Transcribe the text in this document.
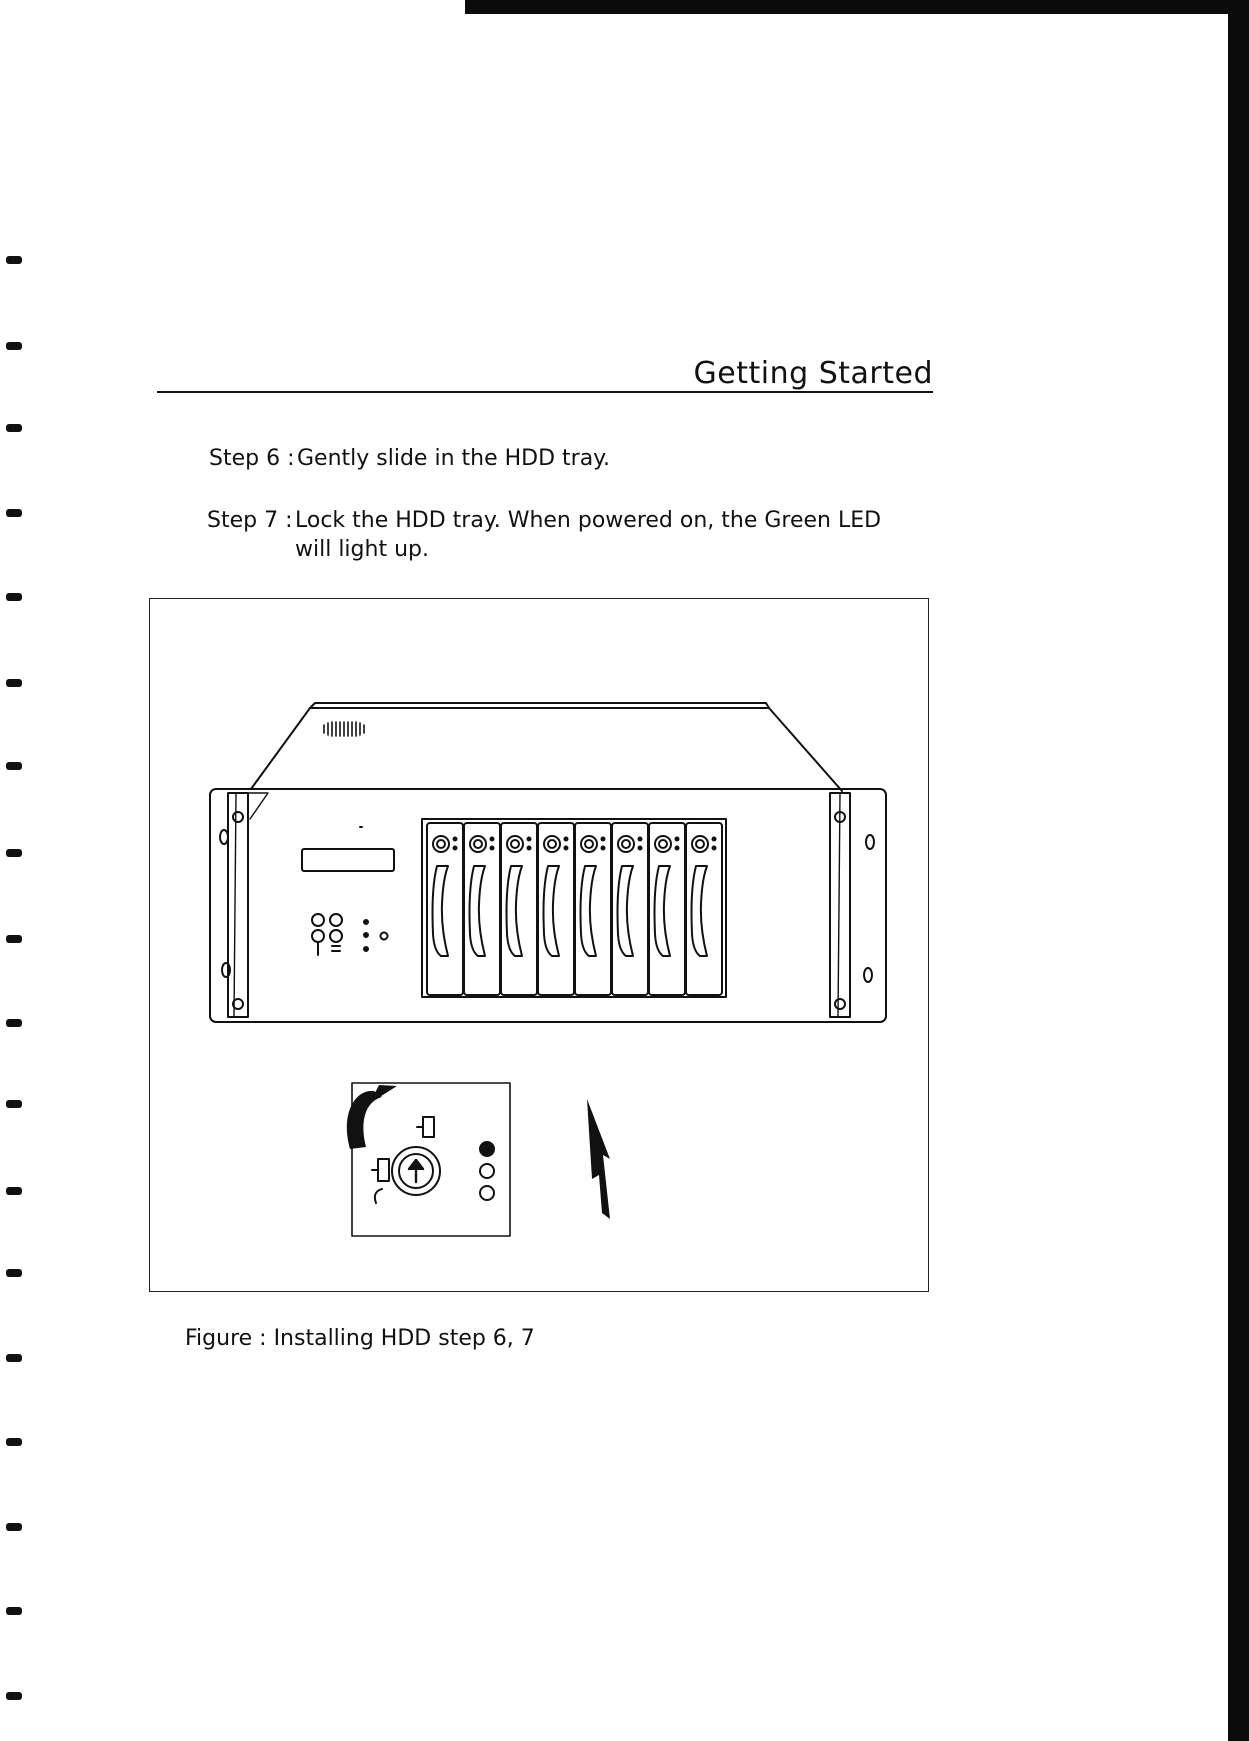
Getting Started
Step 6 : Gently slide in the HDD tray.
Step 7 : Lock the HDD tray. When powered on, the Green LED
will light up.
Figure : Installing HDD step 6, 7
